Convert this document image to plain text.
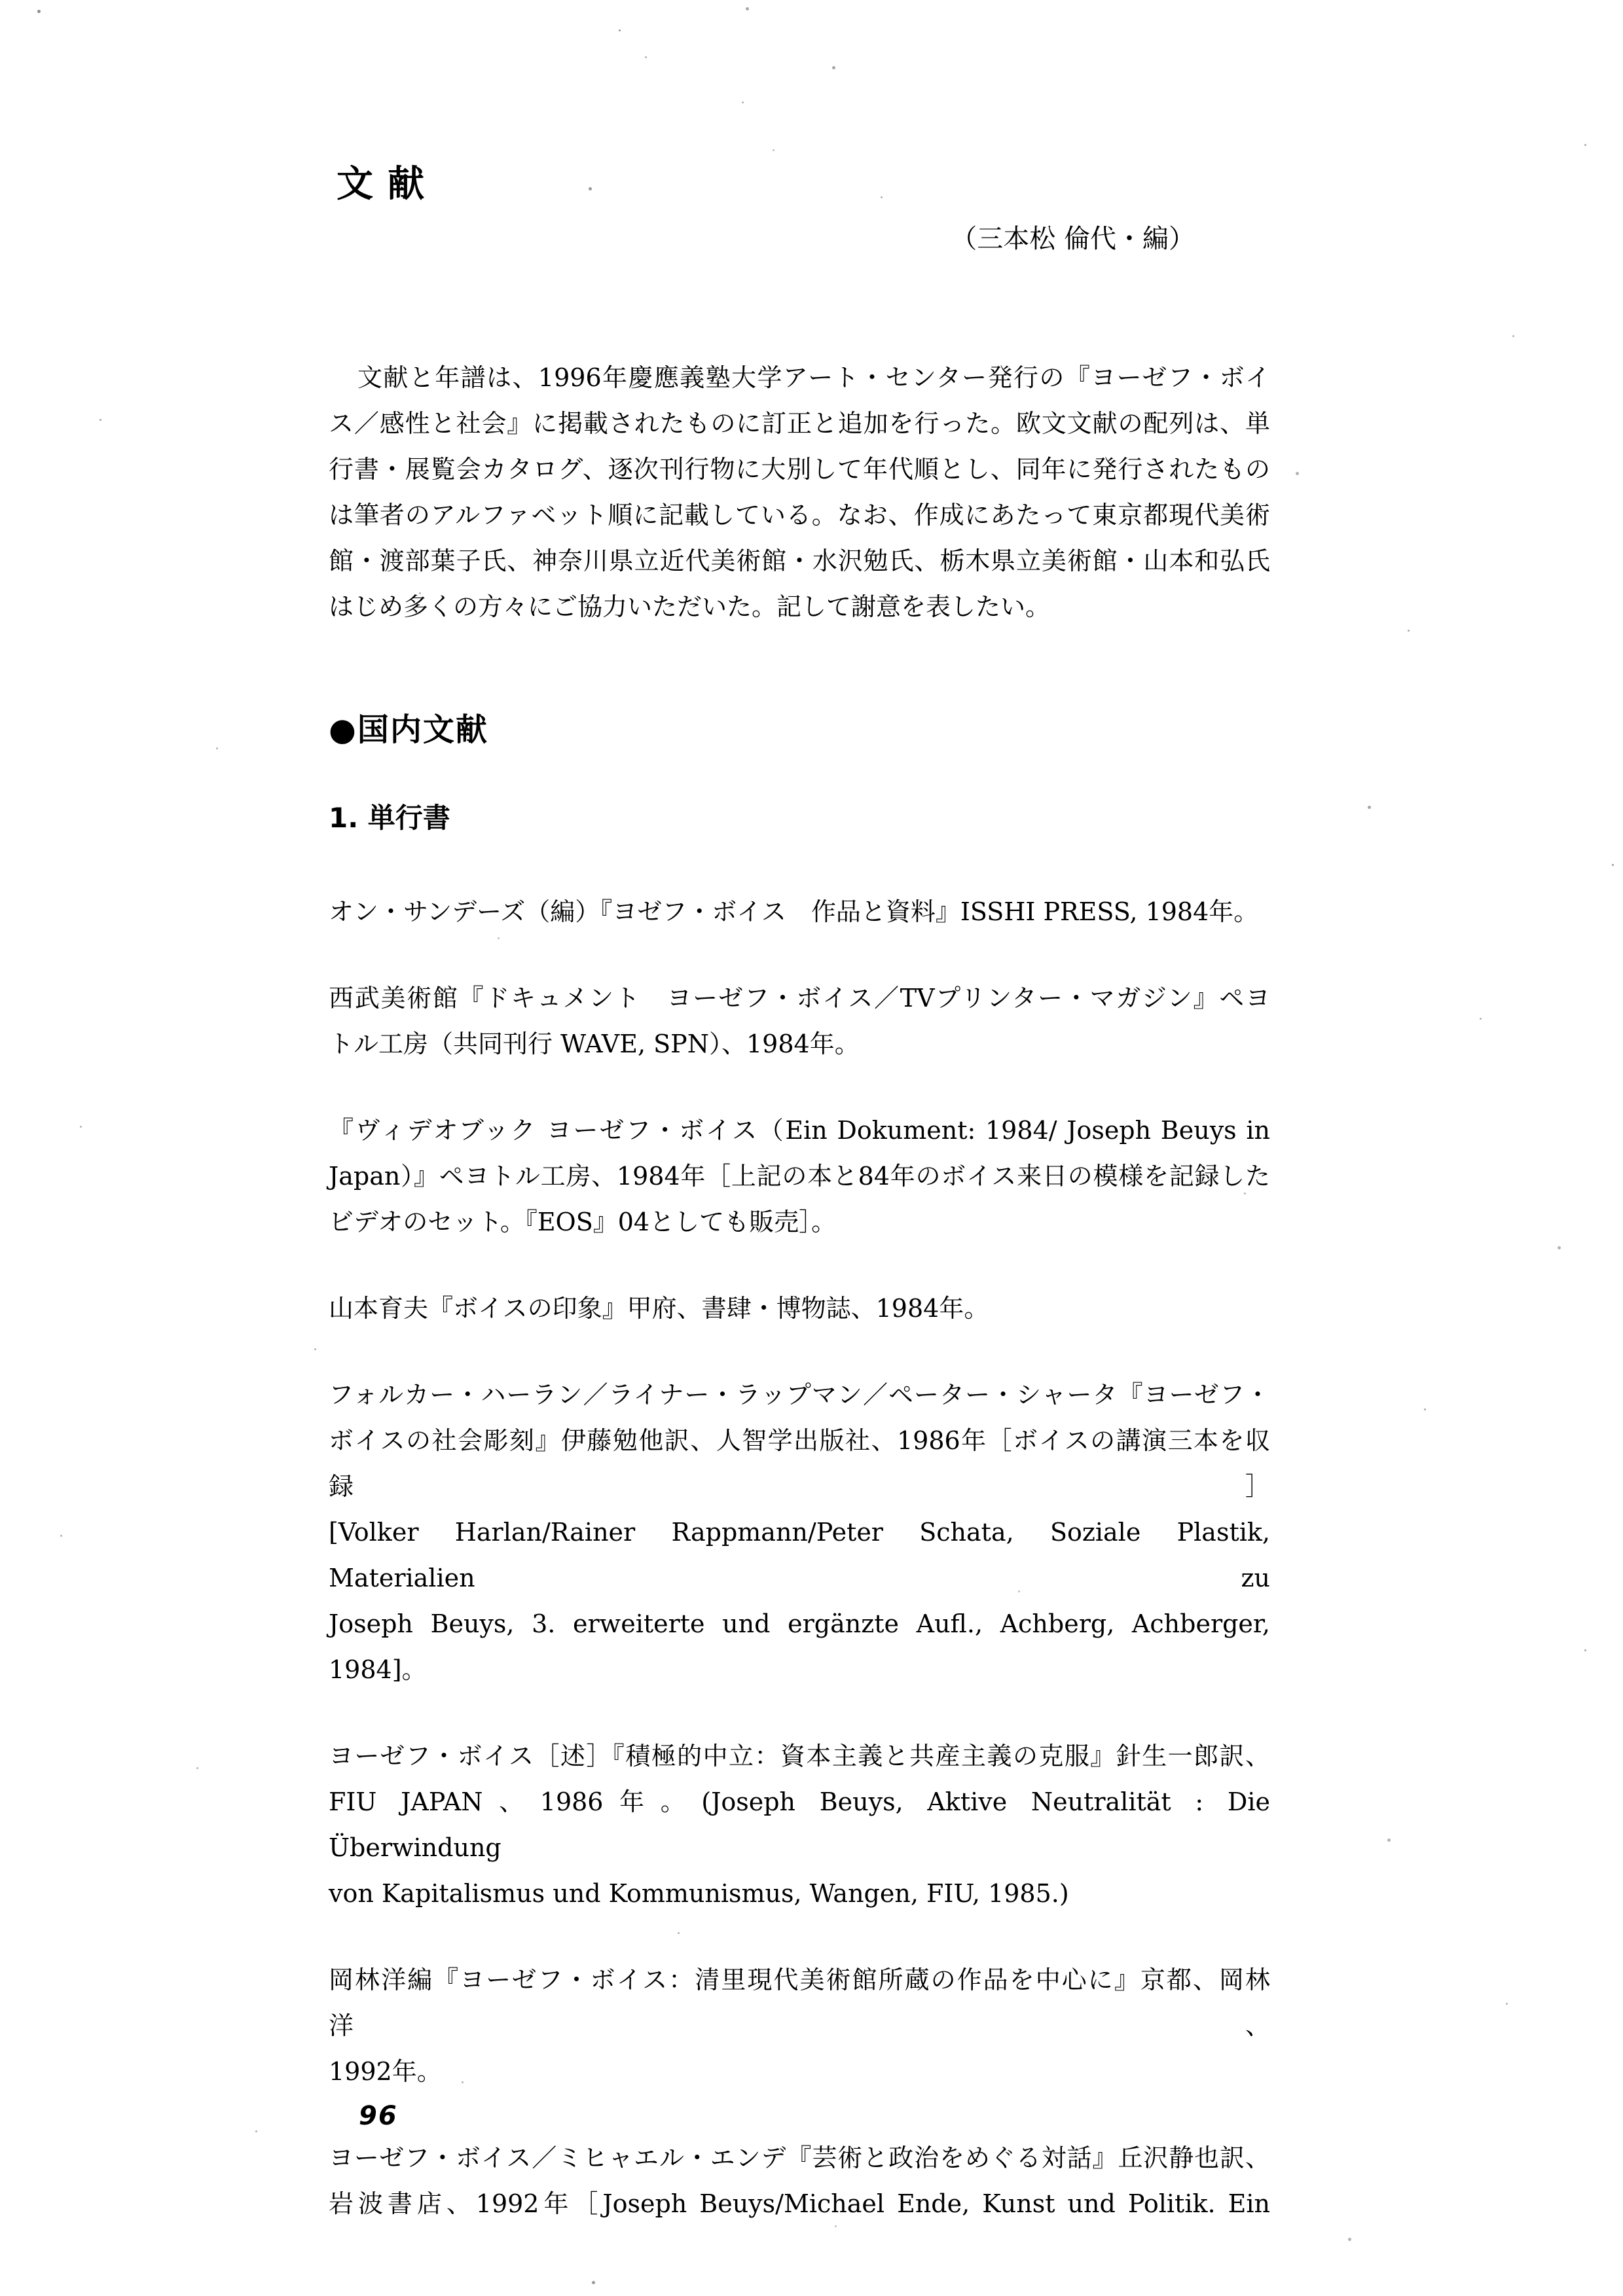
文献
（三本松 倫代・編）
文献と年譜は、1996年慶應義塾大学アート・センター発行の『ヨーゼフ・ボイ
ス／感性と社会』に掲載されたものに訂正と追加を行った。欧文文献の配列は、単
行書・展覧会カタログ、逐次刊行物に大別して年代順とし、同年に発行されたもの
は筆者のアルファベット順に記載している。なお、作成にあたって東京都現代美術
館・渡部葉子氏、神奈川県立近代美術館・水沢勉氏、栃木県立美術館・山本和弘氏
はじめ多くの方々にご協力いただいた。記して謝意を表したい。
●国内文献
1. 単行書
オン・サンデーズ（編）『ヨゼフ・ボイス　作品と資料』ISSHI PRESS, 1984年。
西武美術館『ドキュメント　ヨーゼフ・ボイス／TVプリンター・マガジン』ペヨ
トル工房（共同刊行 WAVE, SPN）、1984年。
『ヴィデオブック ヨーゼフ・ボイス（Ein Dokument: 1984/ Joseph Beuys in
Japan）』ペヨトル工房、1984年［上記の本と84年のボイス来日の模様を記録した
ビデオのセット。『EOS』04としても販売］。
山本育夫『ボイスの印象』甲府、書肆・博物誌、1984年。
フォルカー・ハーラン／ライナー・ラップマン／ペーター・シャータ『ヨーゼフ・
ボイスの社会彫刻』伊藤勉他訳、人智学出版社、1986年［ボイスの講演三本を収録］
[Volker Harlan/Rainer Rappmann/Peter Schata, Soziale Plastik, Materialien zu
Joseph Beuys, 3. erweiterte und ergänzte Aufl., Achberg, Achberger, 1984]。
ヨーゼフ・ボイス［述］『積極的中立：資本主義と共産主義の克服』針生一郎訳、
FIU JAPAN、1986年。(Joseph Beuys, Aktive Neutralität : Die Überwindung
von Kapitalismus und Kommunismus, Wangen, FIU, 1985.)
岡林洋編『ヨーゼフ・ボイス：清里現代美術館所蔵の作品を中心に』京都、岡林洋、
1992年。
ヨーゼフ・ボイス／ミヒャエル・エンデ『芸術と政治をめぐる対話』丘沢静也訳、
岩波書店、1992年［Joseph Beuys/Michael Ende, Kunst und Politik. Ein
96
